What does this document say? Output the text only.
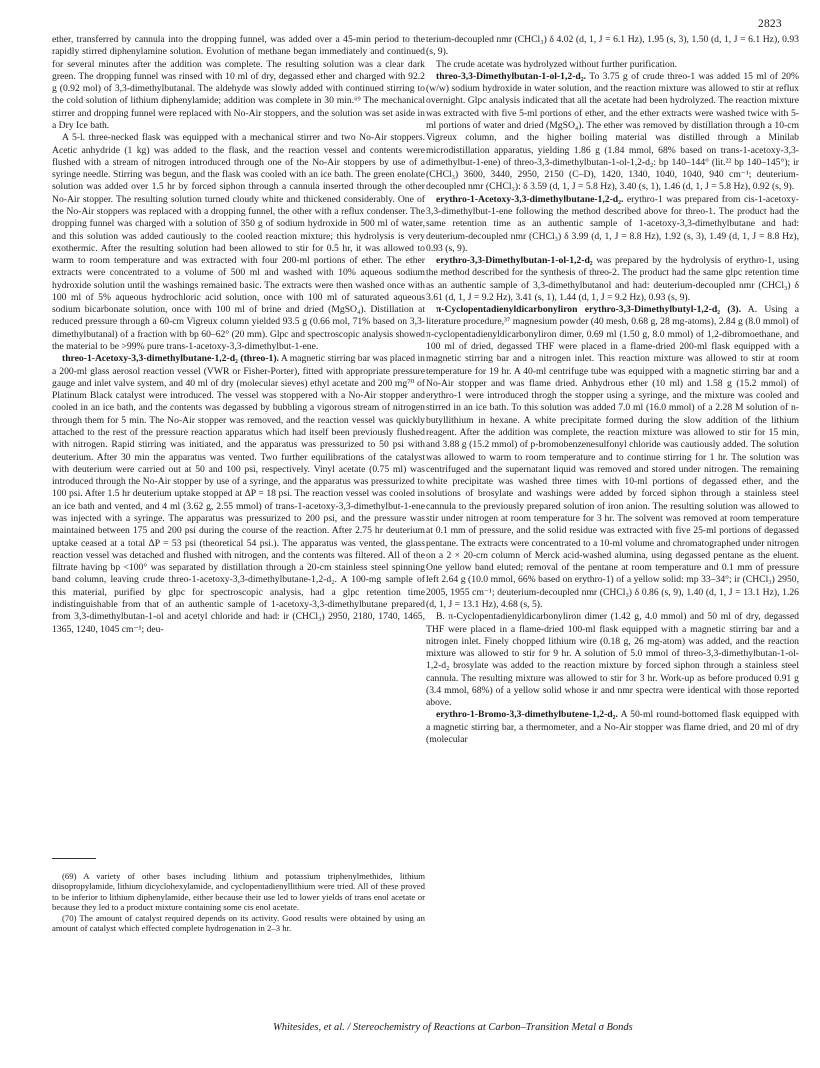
2823

ether, transferred by cannula into the dropping funnel, was added over a 45-min period to the rapidly stirred diphenylamine solution. Evolution of methane began immediately and continued for several minutes after the addition was complete. The resulting solution was a clear dark green. The dropping funnel was rinsed with 10 ml of dry, degassed ether and charged with 92.2 g (0.92 mol) of 3,3-dimethylbutanal. The aldehyde was slowly added with continued stirring to the cold solution of lithium diphenylamide; addition was complete in 30 min.⁶⁹ The mechanical stirrer and dropping funnel were replaced with No-Air stoppers, and the solution was set aside in a Dry Ice bath.

A 5-l. three-necked flask was equipped with a mechanical stirrer and two No-Air stoppers. Acetic anhydride (1 kg) was added to the flask, and the reaction vessel and contents were flushed with a stream of nitrogen introduced through one of the No-Air stoppers by use of a syringe needle. Stirring was begun, and the flask was cooled with an ice bath. The green enolate solution was added over 1.5 hr by forced siphon through a cannula inserted through the other No-Air stopper. The resulting solution turned cloudy white and thickened considerably. One of the No-Air stoppers was replaced with a dropping funnel, the other with a reflux condenser. The dropping funnel was charged with a solution of 350 g of sodium hydroxide in 500 ml of water, and this solution was added cautiously to the cooled reaction mixture; this hydrolysis is very exothermic. After the resulting solution had been allowed to stir for 0.5 hr, it was allowed to warm to room temperature and was extracted with four 200-ml portions of ether. The ether extracts were concentrated to a volume of 500 ml and washed with 10% aqueous sodium hydroxide solution until the washings remained basic. The extracts were then washed once with 100 ml of 5% aqueous hydrochloric acid solution, once with 100 ml of saturated aqueous sodium bicarbonate solution, once with 100 ml of brine and dried (MgSO₄). Distillation at reduced pressure through a 60-cm Vigreux column yielded 93.5 g (0.66 mol, 71% based on 3,3-dimethylbutanal) of a fraction with bp 60–62° (20 mm). Glpc and spectroscopic analysis showed the material to be >99% pure trans-1-acetoxy-3,3-dimethylbut-1-ene.

threo-1-Acetoxy-3,3-dimethylbutane-1,2-d₂ (threo-1). A magnetic stirring bar was placed in a 200-ml glass aerosol reaction vessel (VWR or Fisher-Porter), fitted with appropriate pressure gauge and inlet valve system, and 40 ml of dry (molecular sieves) ethyl acetate and 200 mg⁷⁰ of Platinum Black catalyst were introduced. The vessel was stoppered with a No-Air stopper and cooled in an ice bath, and the contents was degassed by bubbling a vigorous stream of nitrogen through them for 5 min. The No-Air stopper was removed, and the reaction vessel was quickly attached to the rest of the pressure reaction apparatus which had itself been previously flushed with nitrogen. Rapid stirring was initiated, and the apparatus was pressurized to 50 psi with deuterium. After 30 min the apparatus was vented. Two further equilibrations of the catalyst with deuterium were carried out at 50 and 100 psi, respectively. Vinyl acetate (0.75 ml) was introduced through the No-Air stopper by use of a syringe, and the apparatus was pressurized to 100 psi. After 1.5 hr deuterium uptake stopped at ΔP = 18 psi. The reaction vessel was cooled in an ice bath and vented, and 4 ml (3.62 g, 2.55 mmol) of trans-1-acetoxy-3,3-dimethylbut-1-ene was injected with a syringe. The apparatus was pressurized to 200 psi, and the pressure was maintained between 175 and 200 psi during the course of the reaction. After 2.75 hr deuterium uptake ceased at a total ΔP = 53 psi (theoretical 54 psi.). The apparatus was vented, the glass reaction vessel was detached and flushed with nitrogen, and the contents was filtered. All of the filtrate having bp <100° was separated by distillation through a 20-cm stainless steel spinning band column, leaving crude threo-1-acetoxy-3,3-dimethylbutane-1,2-d₂. A 100-mg sample of this material, purified by glpc for spectroscopic analysis, had a glpc retention time indistinguishable from that of an authentic sample of 1-acetoxy-3,3-dimethylbutane prepared from 3,3-dimethylbutan-1-ol and acetyl chloride and had: ir (CHCl₃) 2950, 2180, 1740, 1465, 1365, 1240, 1045 cm⁻¹; deu-

terium-decoupled nmr (CHCl₃) δ 4.02 (d, 1, J = 6.1 Hz), 1.95 (s, 3), 1.50 (d, 1, J = 6.1 Hz), 0.93 (s, 9).

The crude acetate was hydrolyzed without further purification.

threo-3,3-Dimethylbutan-1-ol-1,2-d₂. To 3.75 g of crude threo-1 was added 15 ml of 20% (w/w) sodium hydroxide in water solution, and the reaction mixture was allowed to stir at reflux overnight. Glpc analysis indicated that all the acetate had been hydrolyzed. The reaction mixture was extracted with five 5-ml portions of ether, and the ether extracts were washed twice with 5-ml portions of water and dried (MgSO₄). The ether was removed by distillation through a 10-cm Vigreux column, and the higher boiling material was distilled through a Minilab microdistillation apparatus, yielding 1.86 g (1.84 mmol, 68% based on trans-1-acetoxy-3,3-dimethylbut-1-ene) of threo-3,3-dimethylbutan-1-ol-1,2-d₂: bp 140–144° (lit.²² bp 140–145°); ir (CHCl₃) 3600, 3440, 2950, 2150 (C–D), 1420, 1340, 1040, 1040, 940 cm⁻¹; deuterium-decoupled nmr (CHCl₃): δ 3.59 (d, 1, J = 5.8 Hz), 3.40 (s, 1), 1.46 (d, 1, J = 5.8 Hz), 0.92 (s, 9).

erythro-1-Acetoxy-3,3-dimethylbutane-1,2-d₂. erythro-1 was prepared from cis-1-acetoxy-3,3-dimethylbut-1-ene following the method described above for threo-1. The product had the same retention time as an authentic sample of 1-acetoxy-3,3-dimethylbutane and had: deuterium-decoupled nmr (CHCl₃) δ 3.99 (d, 1, J = 8.8 Hz), 1.92 (s, 3), 1.49 (d, 1, J = 8.8 Hz), 0.93 (s, 9).

erythro-3,3-Dimethylbutan-1-ol-1,2-d₂ was prepared by the hydrolysis of erythro-1, using the method described for the synthesis of threo-2. The product had the same glpc retention time as an authentic sample of 3,3-dimethylbutanol and had: deuterium-decoupled nmr (CHCl₃) δ 3.61 (d, 1, J = 9.2 Hz), 3.41 (s, 1), 1.44 (d, 1, J = 9.2 Hz), 0.93 (s, 9).

π-Cyclopentadienyldicarbonyliron erythro-3,3-Dimethylbutyl-1,2-d₂ (3). A. Using a literature procedure,³⁷ magnesium powder (40 mesh, 0.68 g, 28 mg-atoms), 2.84 g (8.0 mmol) of π-cyclopentadienyldicarbonyliron dimer, 0.69 ml (1.50 g, 8.0 mmol) of 1,2-dibromoethane, and 100 ml of dried, degassed THF were placed in a flame-dried 200-ml flask equipped with a magnetic stirring bar and a nitrogen inlet. This reaction mixture was allowed to stir at room temperature for 19 hr. A 40-ml centrifuge tube was equipped with a magnetic stirring bar and a No-Air stopper and was flame dried. Anhydrous ether (10 ml) and 1.58 g (15.2 mmol) of erythro-1 were introduced throgh the stopper using a syringe, and the mixture was cooled and stirred in an ice bath. To this solution was added 7.0 ml (16.0 mmol) of a 2.28 M solution of n-butyllithium in hexane. A white precipitate formed during the slow addition of the lithium reagent. After the addition was complete, the reaction mixture was allowed to stir for 15 min, and 3.88 g (15.2 mmol) of p-bromobenzenesulfonyl chloride was cautiously added. The solution was allowed to warm to room temperature and to continue stirring for 1 hr. The solution was centrifuged and the supernatant liquid was removed and stored under nitrogen. The remaining white precipitate was washed three times with 10-ml portions of degassed ether, and the solutions of brosylate and washings were added by forced siphon through a stainless steel cannula to the previously prepared solution of iron anion. The resulting solution was allowed to stir under nitrogen at room temperature for 3 hr. The solvent was removed at room temperature at 0.1 mm of pressure, and the solid residue was extracted with five 25-ml portions of degassed pentane. The extracts were concentrated to a 10-ml volume and chromatographed under nitrogen on a 2 × 20-cm column of Merck acid-washed alumina, using degassed pentane as the eluent. One yellow band eluted; removal of the pentane at room temperature and 0.1 mm of pressure left 2.64 g (10.0 mmol, 66% based on erythro-1) of a yellow solid: mp 33–34°; ir (CHCl₃) 2950, 2005, 1955 cm⁻¹; deuterium-decoupled nmr (CHCl₃) δ 0.86 (s, 9), 1.40 (d, 1, J = 13.1 Hz), 1.26 (d, 1, J = 13.1 Hz), 4.68 (s, 5).

B. π-Cyclopentadienyldicarbonyliron dimer (1.42 g, 4.0 mmol) and 50 ml of dry, degassed THF were placed in a flame-dried 100-ml flask equipped with a magnetic stirring bar and a nitrogen inlet. Finely chopped lithium wire (0.18 g, 26 mg-atom) was added, and the reaction mixture was allowed to stir for 9 hr. A solution of 5.0 mmol of threo-3,3-dimethylbutan-1-ol-1,2-d₂ brosylate was added to the reaction mixture by forced siphon through a stainless steel cannula. The resulting mixture was allowed to stir for 3 hr. Work-up as before produced 0.91 g (3.4 mmol, 68%) of a yellow solid whose ir and nmr spectra were identical with those reported above.

erythro-1-Bromo-3,3-dimethylbutene-1,2-d₂. A 50-ml round-bottomed flask equipped with a magnetic stirring bar, a thermometer, and a No-Air stopper was flame dried, and 20 ml of dry (molecular

(69) A variety of other bases including lithium and potassium triphenylmethides, lithium diisopropylamide, lithium dicyclohexylamide, and cyclopentadienyllithium were tried. All of these proved to be inferior to lithium diphenylamide, either because their use led to lower yields of trans enol acetate or because they led to a product mixture containing some cis enol acetate.

(70) The amount of catalyst required depends on its activity. Good results were obtained by using an amount of catalyst which effected complete hydrogenation in 2–3 hr.

Whitesides, et al. / Stereochemistry of Reactions at Carbon–Transition Metal σ Bonds
